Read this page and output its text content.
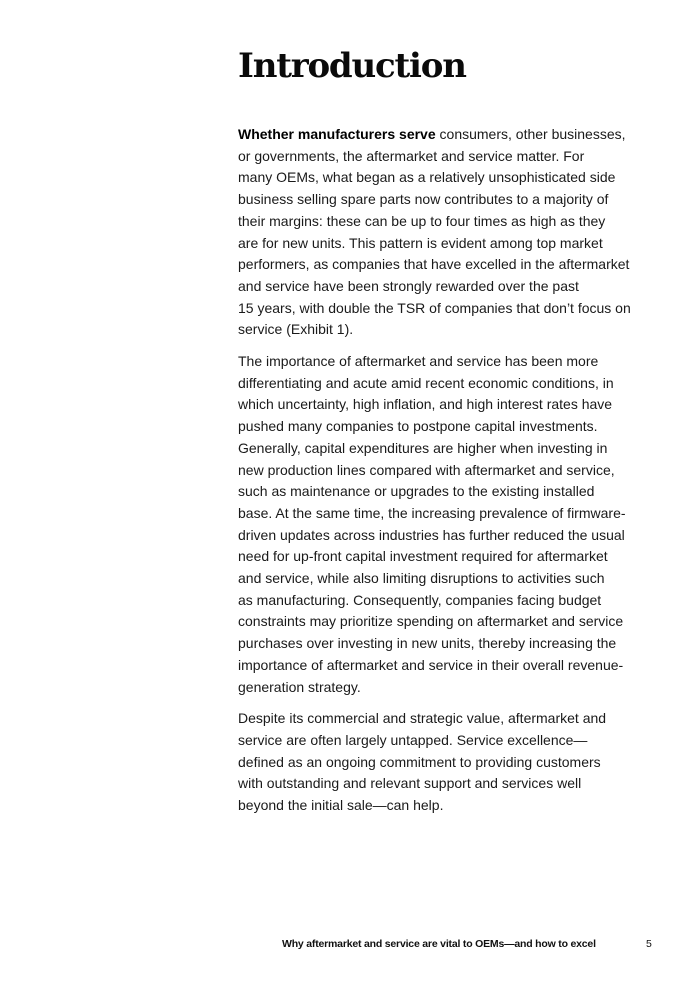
Introduction

Whether manufacturers serve consumers, other businesses,
or governments, the aftermarket and service matter. For
many OEMs, what began as a relatively unsophisticated side
business selling spare parts now contributes to a majority of
their margins: these can be up to four times as high as they
are for new units. This pattern is evident among top market
performers, as companies that have excelled in the aftermarket
and service have been strongly rewarded over the past
15 years, with double the TSR of companies that don’t focus on
service (Exhibit 1).

The importance of aftermarket and service has been more
differentiating and acute amid recent economic conditions, in
which uncertainty, high inflation, and high interest rates have
pushed many companies to postpone capital investments.
Generally, capital expenditures are higher when investing in
new production lines compared with aftermarket and service,
such as maintenance or upgrades to the existing installed
base. At the same time, the increasing prevalence of firmware-
driven updates across industries has further reduced the usual
need for up-front capital investment required for aftermarket
and service, while also limiting disruptions to activities such
as manufacturing. Consequently, companies facing budget
constraints may prioritize spending on aftermarket and service
purchases over investing in new units, thereby increasing the
importance of aftermarket and service in their overall revenue-
generation strategy.

Despite its commercial and strategic value, aftermarket and
service are often largely untapped. Service excellence—
defined as an ongoing commitment to providing customers
with outstanding and relevant support and services well
beyond the initial sale—can help.

Why aftermarket and service are vital to OEMs—and how to excel	5
